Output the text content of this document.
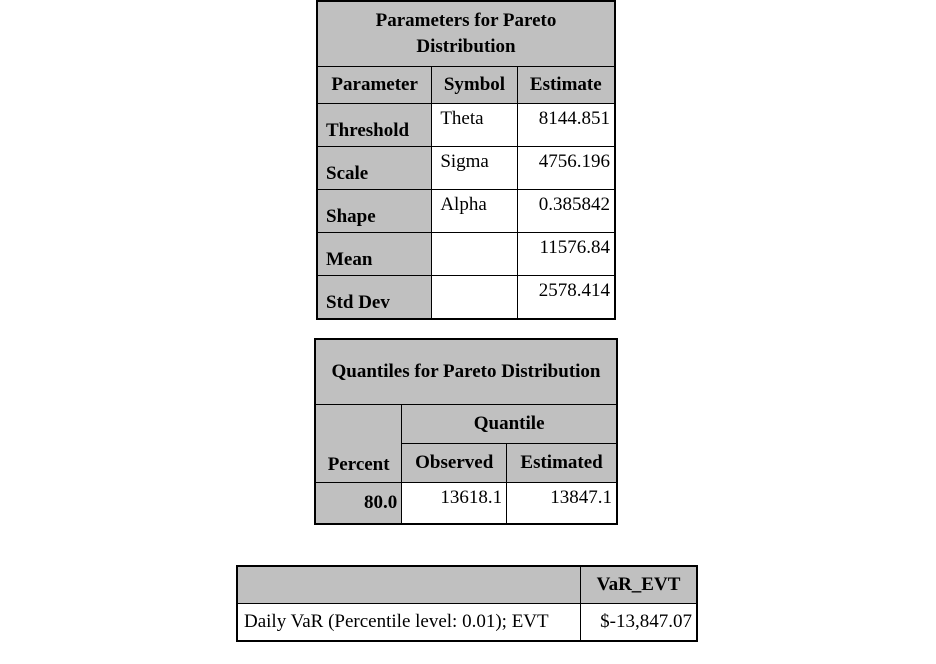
Parameters for Pareto Distribution		
Parameter	Symbol	Estimate
Threshold	Theta	8144.851
Scale	Sigma	4756.196
Shape	Alpha	0.385842
Mean		11576.84
Std Dev		2578.414
Quantiles for Pareto Distribution		
Percent	Quantile	
	Observed	Estimated
80.0	13618.1	13847.1
	VaR_EVT
Daily VaR (Percentile level: 0.01); EVT	$-13,847.07
